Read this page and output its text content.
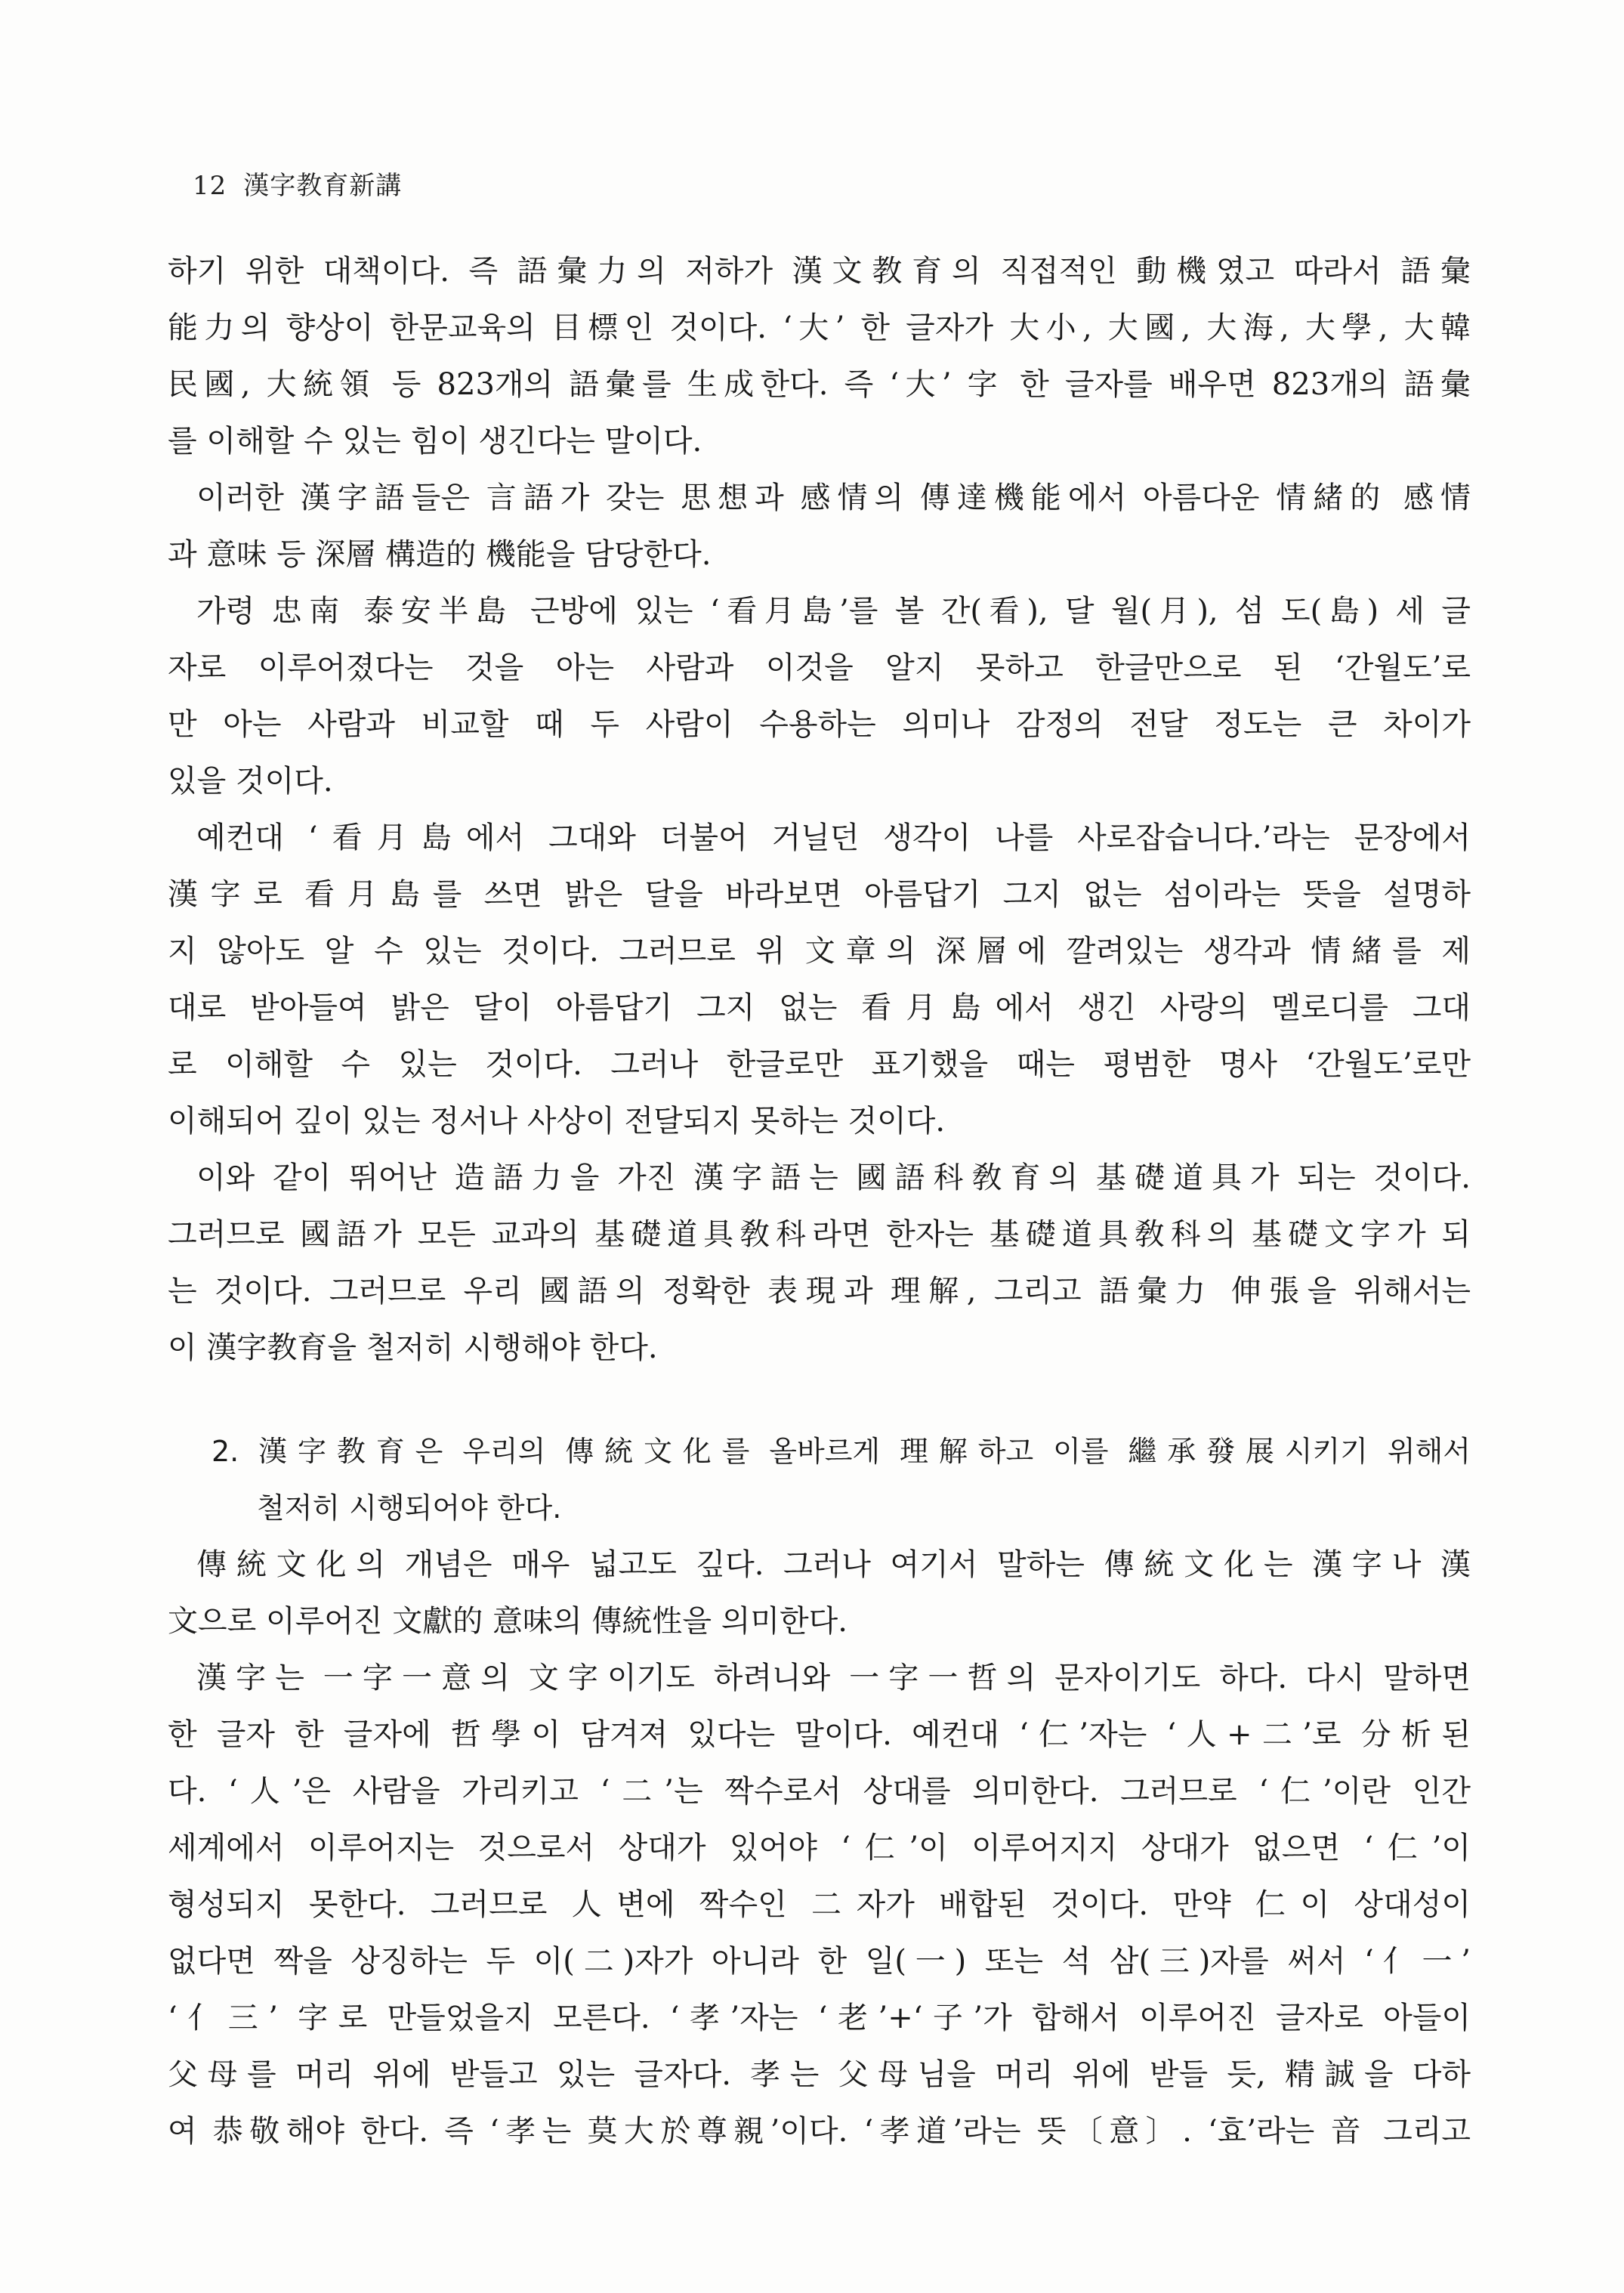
12 漢字教育新講
하기 위한 대책이다. 즉 語彙力의 저하가 漢文教育의 직접적인 動機였고 따라서 語彙
能力의 향상이 한문교육의 目標인 것이다. ‘大’ 한 글자가 大小, 大國, 大海, 大學, 大韓
民國, 大統領 등 823개의 語彙를 生成한다. 즉 ‘大’ 字 한 글자를 배우면 823개의 語彙
를 이해할 수 있는 힘이 생긴다는 말이다.
이러한 漢字語들은 言語가 갖는 思想과 感情의 傳達機能에서 아름다운 情緒的 感情
과 意味 등 深層 構造的 機能을 담당한다.
가령 忠南 泰安半島 근방에 있는 ‘看月島’를 볼 간(看), 달 월(月), 섬 도(島) 세 글
자로 이루어졌다는 것을 아는 사람과 이것을 알지 못하고 한글만으로 된 ‘간월도’로
만 아는 사람과 비교할 때 두 사람이 수용하는 의미나 감정의 전달 정도는 큰 차이가
있을 것이다.
예컨대 ‘看月島에서 그대와 더불어 거닐던 생각이 나를 사로잡습니다.’라는 문장에서
漢字로 看月島를 쓰면 밝은 달을 바라보면 아름답기 그지 없는 섬이라는 뜻을 설명하
지 않아도 알 수 있는 것이다. 그러므로 위 文章의 深層에 깔려있는 생각과 情緒를 제
대로 받아들여 밝은 달이 아름답기 그지 없는 看月島에서 생긴 사랑의 멜로디를 그대
로 이해할 수 있는 것이다. 그러나 한글로만 표기했을 때는 평범한 명사 ‘간월도’로만
이해되어 깊이 있는 정서나 사상이 전달되지 못하는 것이다.
이와 같이 뛰어난 造語力을 가진 漢字語는 國語科敎育의 基礎道具가 되는 것이다.
그러므로 國語가 모든 교과의 基礎道具敎科라면 한자는 基礎道具敎科의 基礎文字가 되
는 것이다. 그러므로 우리 國語의 정확한 表現과 理解, 그리고 語彙力 伸張을 위해서는
이 漢字教育을 철저히 시행해야 한다.
2. 漢字教育은 우리의 傳統文化를 올바르게 理解하고 이를 繼承發展시키기 위해서
철저히 시행되어야 한다.
傳統文化의 개념은 매우 넓고도 깊다. 그러나 여기서 말하는 傳統文化는 漢字나 漢
文으로 이루어진 文獻的 意味의 傳統性을 의미한다.
漢字는 一字一意의 文字이기도 하려니와 一字一哲의 문자이기도 하다. 다시 말하면
한 글자 한 글자에 哲學이 담겨져 있다는 말이다. 예컨대 ‘仁’자는 ‘人+二’로 分析된
다. ‘人’은 사람을 가리키고 ‘二’는 짝수로서 상대를 의미한다. 그러므로 ‘仁’이란 인간
세계에서 이루어지는 것으로서 상대가 있어야 ‘仁’이 이루어지지 상대가 없으면 ‘仁’이
형성되지 못한다. 그러므로 人변에 짝수인 二자가 배합된 것이다. 만약 仁이 상대성이
없다면 짝을 상징하는 두 이(二)자가 아니라 한 일(一) 또는 석 삼(三)자를 써서 ‘亻一’
‘亻三’ 字로 만들었을지 모른다. ‘孝’자는 ‘老’+‘子’가 합해서 이루어진 글자로 아들이
父母를 머리 위에 받들고 있는 글자다. 孝는 父母님을 머리 위에 받들 듯, 精誠을 다하
여 恭敬해야 한다. 즉 ‘孝는 莫大於尊親’이다. ‘孝道’라는 뜻〔意〕. ‘효’라는 音 그리고
